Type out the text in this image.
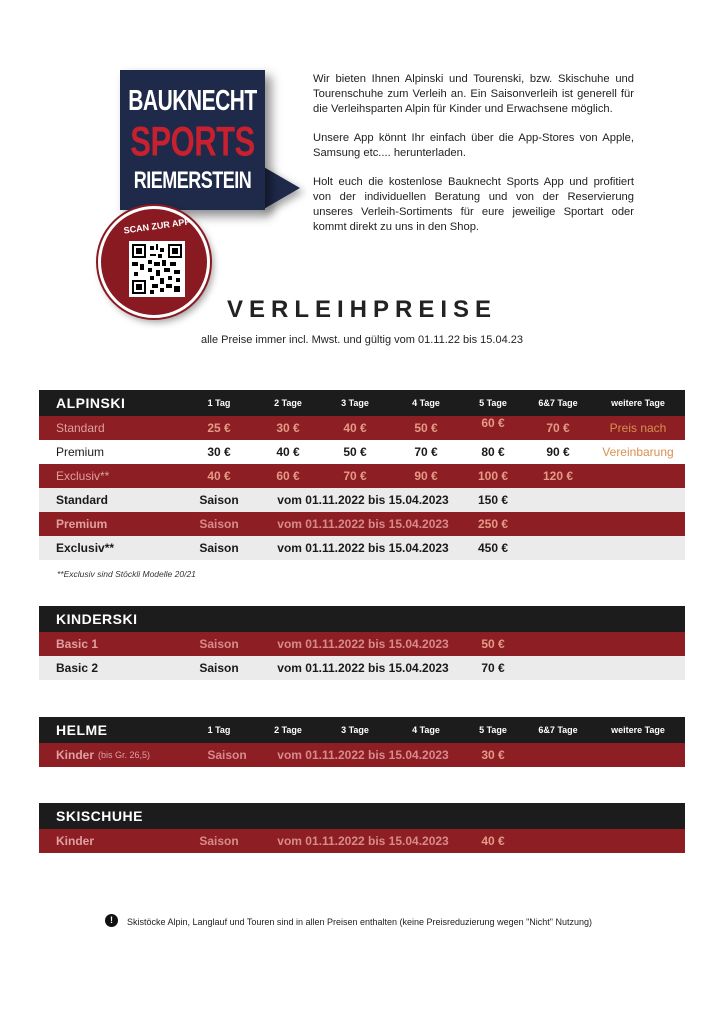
BAUKNECHT
SPORTS
RIEMERSTEIN
SCAN ZUR APP

Wir bieten Ihnen Alpinski und Tourenski, bzw. Skischuhe und Tourenschuhe zum Verleih an. Ein Saisonverleih ist generell für die Verleihsparten Alpin für Kinder und Erwachsene möglich.

Unsere App könnt Ihr einfach über die App-Stores von Apple, Samsung etc.... herunterladen.

Holt euch die kostenlose Bauknecht Sports App und profitiert von der individuellen Beratung und von der Reservierung unseres Verleih-Sortiments für eure jeweilige Sportart oder kommt direkt zu uns in den Shop.

VERLEIHPREISE
alle Preise immer incl. Mwst. und gültig vom 01.11.22 bis 15.04.23
ALPINSKI	1 Tag	2 Tage	3 Tage	4 Tage	5 Tage	6&7 Tage	weitere Tage
Standard	25 €	30 €	40 €	50 €	60 €	70 €	Preis nach
Premium	30 €	40 €	50 €	70 €	80 €	90 €	Vereinbarung
Exclusiv**	40 €	60 €	70 €	90 €	100 €	120 €
Standard	Saison	vom 01.11.2022 bis 15.04.2023	150 €
Premium	Saison	vom 01.11.2022 bis 15.04.2023	250 €
Exclusiv**	Saison	vom 01.11.2022 bis 15.04.2023	450 €
**Exclusiv sind Stöckli Modelle 20/21
KINDERSKI
Basic 1	Saison	vom 01.11.2022 bis 15.04.2023	50 €
Basic 2	Saison	vom 01.11.2022 bis 15.04.2023	70 €
HELME	1 Tag	2 Tage	3 Tage	4 Tage	5 Tage	6&7 Tage	weitere Tage
Kinder (bis Gr. 26,5)	Saison	vom 01.11.2022 bis 15.04.2023	30 €
SKISCHUHE
Kinder	Saison	vom 01.11.2022 bis 15.04.2023	40 €
!	Skistöcke Alpin, Langlauf und Touren sind in allen Preisen enthalten (keine Preisreduzierung wegen "Nicht" Nutzung)
